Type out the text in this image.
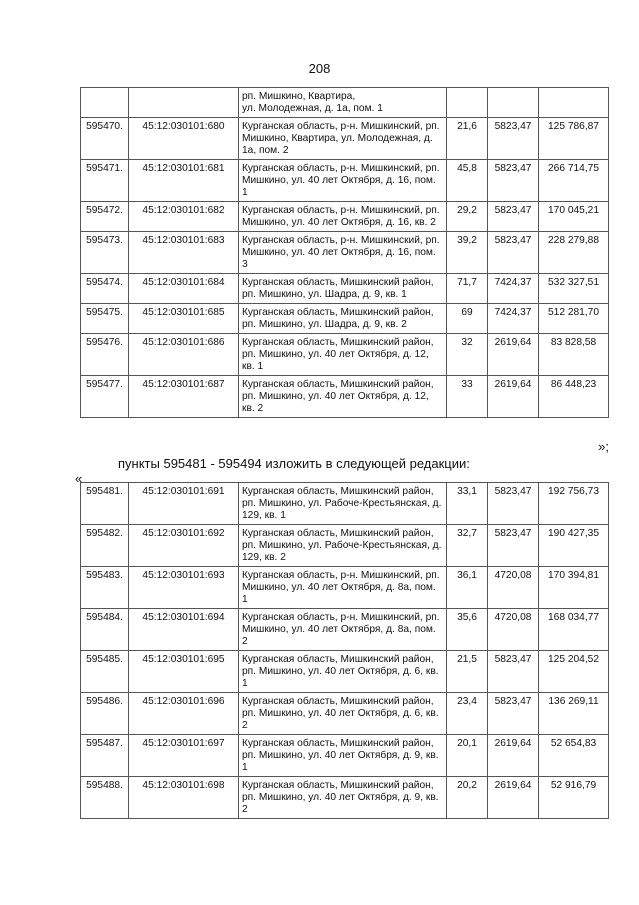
208
		рп. Мишкино, Квартира,
ул. Молодежная, д. 1а, пом. 1			
595470.	45:12:030101:680	Курганская область, р-н. Мишкинский, рп. Мишкино, Квартира, ул. Молодежная, д. 1а, пом. 2	21,6	5823,47	125 786,87
595471.	45:12:030101:681	Курганская область, р-н. Мишкинский, рп. Мишкино, ул. 40 лет Октября, д. 16, пом. 1	45,8	5823,47	266 714,75
595472.	45:12:030101:682	Курганская область, р-н. Мишкинский, рп. Мишкино, ул. 40 лет Октября, д. 16, кв. 2	29,2	5823,47	170 045,21
595473.	45:12:030101:683	Курганская область, р-н. Мишкинский, рп. Мишкино, ул. 40 лет Октября, д. 16, пом. 3	39,2	5823,47	228 279,88
595474.	45:12:030101:684	Курганская область, Мишкинский район, рп. Мишкино, ул. Шадра, д. 9, кв. 1	71,7	7424,37	532 327,51
595475.	45:12:030101:685	Курганская область, Мишкинский район, рп. Мишкино, ул. Шадра, д. 9, кв. 2	69	7424,37	512 281,70
595476.	45:12:030101:686	Курганская область, Мишкинский район, рп. Мишкино, ул. 40 лет Октября, д. 12, кв. 1	32	2619,64	83 828,58
595477.	45:12:030101:687	Курганская область, Мишкинский район, рп. Мишкино, ул. 40 лет Октября, д. 12, кв. 2	33	2619,64	86 448,23
»;
пункты 595481 - 595494 изложить в следующей редакции:
«
595481.	45:12:030101:691	Курганская область, Мишкинский район, рп. Мишкино, ул. Рабоче-Крестьянская, д. 129, кв. 1	33,1	5823,47	192 756,73
595482.	45:12:030101:692	Курганская область, Мишкинский район, рп. Мишкино, ул. Рабоче-Крестьянская, д. 129, кв. 2	32,7	5823,47	190 427,35
595483.	45:12:030101:693	Курганская область, р-н. Мишкинский, рп. Мишкино, ул. 40 лет Октября, д. 8а, пом. 1	36,1	4720,08	170 394,81
595484.	45:12:030101:694	Курганская область, р-н. Мишкинский, рп. Мишкино, ул. 40 лет Октября, д. 8а, пом. 2	35,6	4720,08	168 034,77
595485.	45:12:030101:695	Курганская область, Мишкинский район, рп. Мишкино, ул. 40 лет Октября, д. 6, кв. 1	21,5	5823,47	125 204,52
595486.	45:12:030101:696	Курганская область, Мишкинский район, рп. Мишкино, ул. 40 лет Октября, д. 6, кв. 2	23,4	5823,47	136 269,11
595487.	45:12:030101:697	Курганская область, Мишкинский район, рп. Мишкино, ул. 40 лет Октября, д. 9, кв. 1	20,1	2619,64	52 654,83
595488.	45:12:030101:698	Курганская область, Мишкинский район, рп. Мишкино, ул. 40 лет Октября, д. 9, кв. 2	20,2	2619,64	52 916,79
